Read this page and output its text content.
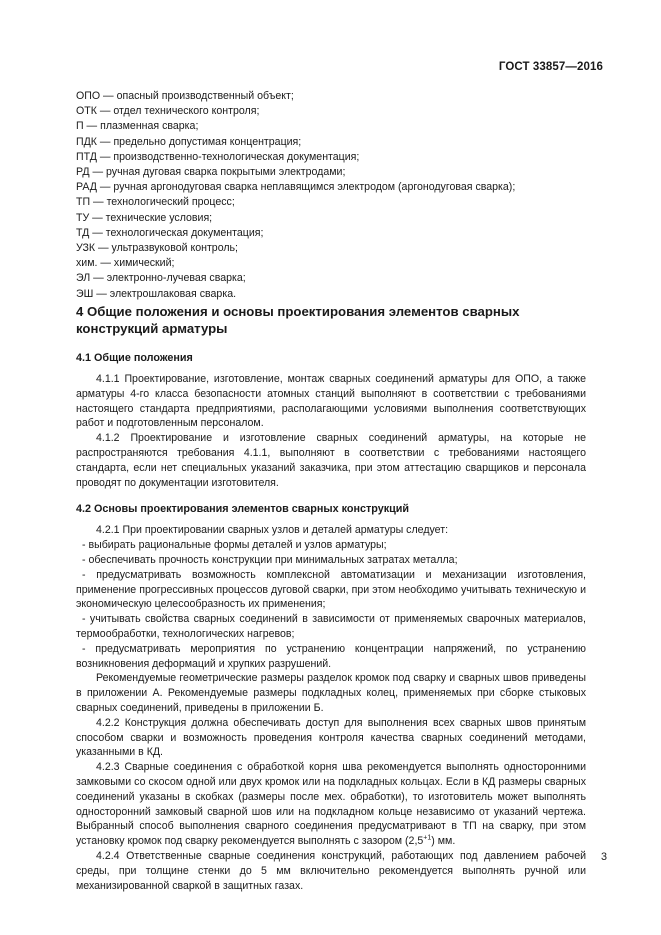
ГОСТ 33857—2016
ОПО — опасный производственный объект;
ОТК — отдел технического контроля;
П — плазменная сварка;
ПДК — предельно допустимая концентрация;
ПТД — производственно-технологическая документация;
РД — ручная дуговая сварка покрытыми электродами;
РАД — ручная аргонодуговая сварка неплавящимся электродом (аргонодуговая сварка);
ТП — технологический процесс;
ТУ — технические условия;
ТД — технологическая документация;
УЗК — ультразвуковой контроль;
хим. — химический;
ЭЛ — электронно-лучевая сварка;
ЭШ — электрошлаковая сварка.
4 Общие положения и основы проектирования элементов сварных конструкций арматуры
4.1 Общие положения

4.1.1 Проектирование, изготовление, монтаж сварных соединений арматуры для ОПО, а также арматуры 4-го класса безопасности атомных станций выполняют в соответствии с требованиями настоящего стандарта предприятиями, располагающими условиями выполнения соответствующих работ и подготовленным персоналом.

4.1.2 Проектирование и изготовление сварных соединений арматуры, на которые не распространяются требования 4.1.1, выполняют в соответствии с требованиями настоящего стандарта, если нет специальных указаний заказчика, при этом аттестацию сварщиков и персонала проводят по документации изготовителя.

4.2 Основы проектирования элементов сварных конструкций

4.2.1 При проектировании сварных узлов и деталей арматуры следует:

- выбирать рациональные формы деталей и узлов арматуры;

- обеспечивать прочность конструкции при минимальных затратах металла;

- предусматривать возможность комплексной автоматизации и механизации изготовления, применение прогрессивных процессов дуговой сварки, при этом необходимо учитывать техническую и экономическую целесообразность их применения;

- учитывать свойства сварных соединений в зависимости от применяемых сварочных материалов, термообработки, технологических нагревов;

- предусматривать мероприятия по устранению концентрации напряжений, по устранению возникновения деформаций и хрупких разрушений.

Рекомендуемые геометрические размеры разделок кромок под сварку и сварных швов приведены в приложении А. Рекомендуемые размеры подкладных колец, применяемых при сборке стыковых сварных соединений, приведены в приложении Б.

4.2.2 Конструкция должна обеспечивать доступ для выполнения всех сварных швов принятым способом сварки и возможность проведения контроля качества сварных соединений методами, указанными в КД.

4.2.3 Сварные соединения с обработкой корня шва рекомендуется выполнять односторонними замковыми со скосом одной или двух кромок или на подкладных кольцах. Если в КД размеры сварных соединений указаны в скобках (размеры после мех. обработки), то изготовитель может выполнять односторонний замковый сварной шов или на подкладном кольце независимо от указаний чертежа. Выбранный способ выполнения сварного соединения предусматривают в ТП на сварку, при этом установку кромок под сварку рекомендуется выполнять с зазором $(2,5^{+1})$ мм.

4.2.4 Ответственные сварные соединения конструкций, работающих под давлением рабочей среды, при толщине стенки до 5 мм включительно рекомендуется выполнять ручной или механизированной сваркой в защитных газах.

3
